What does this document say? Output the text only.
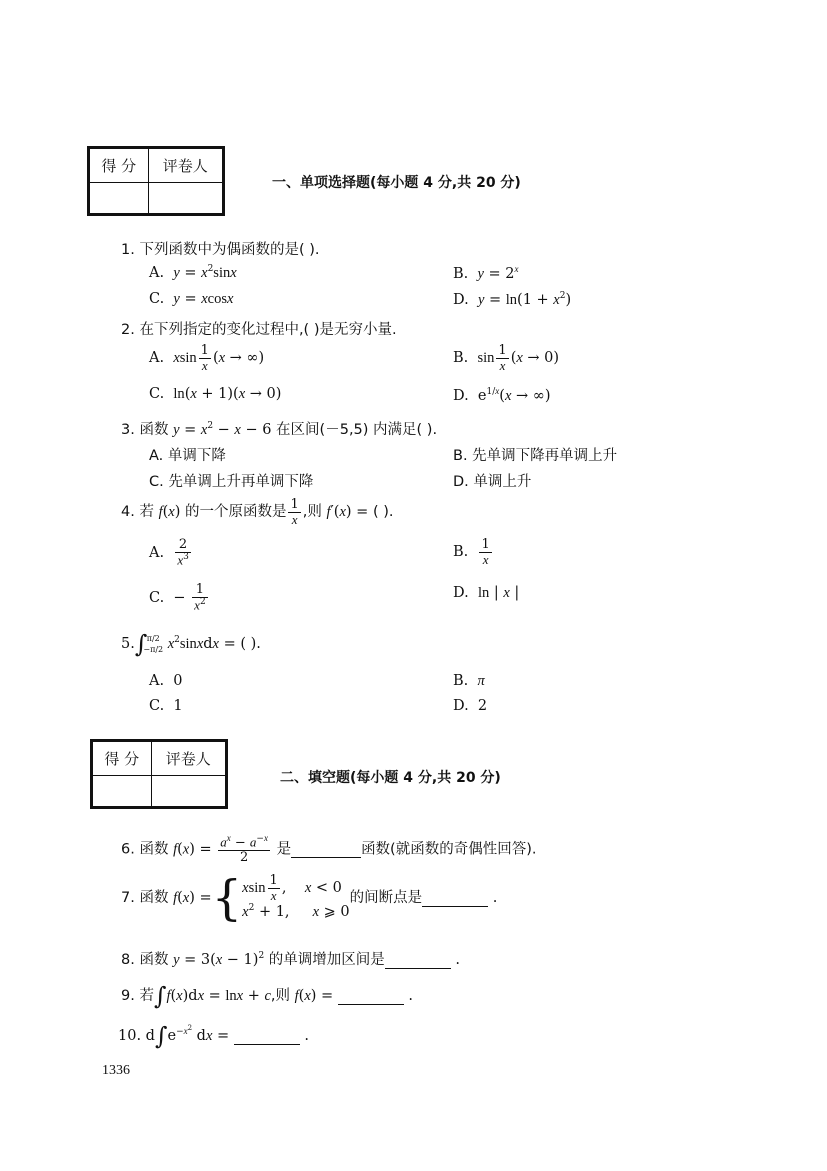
得 分	评卷人

一、单项选择题(每小题 4 分,共 20 分)
1. 下列函数中为偶函数的是( ).
A.  $y = x^2\sin x$	B.  $y = 2^x$
C.  y = xcosx	D.  $y = \ln(1 + x^2)$
2. 在下列指定的变化过程中,( )是无穷小量.
A.  xsin $\frac{1}{x} (x$ → ∞)	B.  $\sin \frac{1}{x} (x \to 0)$
C.  ln(x + 1)(x → 0)	D.  $e^{1/x}(x$ → ∞)
3. 函数 $y = x^2 - x - 6$ 在区间(－5,5) 内满足( ).
A. 单调下降	B. 先单调下降再单调上升
C. 先单调上升再单调下降	D. 单调上升
4. 若 f(x) 的一个原函数是 $\frac{1}{x}$ ,则 f′(x) = ( ).
A. $\frac{2}{x^3}$	B. $\frac{1}{x}$
C.  − $\frac{1}{x^2}$	D.  ln | x |
5.∫ π/2
−π/2 $x^2sinxdx$ = ( ).
A.  0	B.  π
C.  1	D.  2
得 分	评卷人

二、填空题(每小题 4 分,共 20 分)
6. 函数 $f(x) = \frac{a^x - a^{-x}}{2}$ 是	函数(就函数的奇偶性回答).
7. 函数 f(x) ={ xsin $\frac{1}{x}$ ,    x < 0
$x^2 + 1$,     x ⩾ 0
的间断点是	.
8. 函数 $y = 3(x - 1)^2$ 的单调增加区间是	.
9. 若∫f(x)dx = lnx + c,则 f(x) =	.
10. $d\int e^{-x^2}$ dx =	.
1336
